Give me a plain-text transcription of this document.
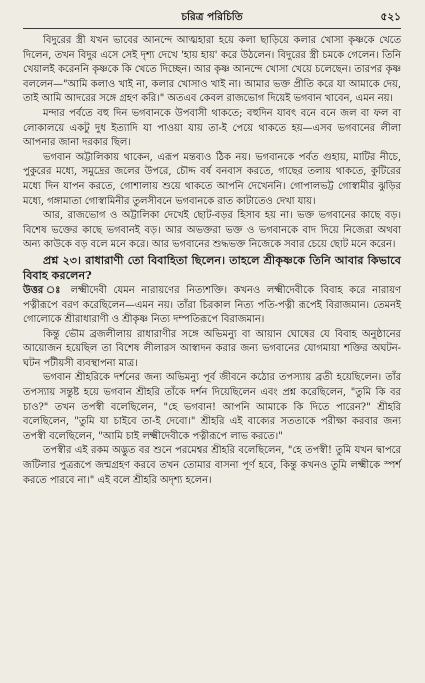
চরিত্র পরিচিতি	৫২১

বিদুরের স্ত্রী যখন ভাবের আনন্দে আত্মহারা হয়ে কলা ছাড়িয়ে কলার খোসা কৃষ্ণকে খেতে দিলেন, তখন বিদুর এসে সেই দৃশ্য দেখে 'হায় হায়' করে উঠলেন। বিদুরের স্ত্রী চমকে গেলেন। তিনি খেয়ালই করেননি কৃষ্ণকে কি খেতে দিচ্ছেন। আর কৃষ্ণ আনন্দে খোসা খেয়ে চলেছেন। তারপর কৃষ্ণ বললেন—"আমি কলাও খাই না, কলার খোসাও খাই না। আমার ভক্ত প্রীতি করে যা আমাকে দেয়, তাই আমি আদরের সঙ্গে গ্রহণ করি।" অতএব কেবল রাজভোগ দিয়েই ভগবান খাবেন, এমন নয়।

মন্দার পর্বতে বহু দিন ভগবানকে উপবাসী থাকতে; বহুদিন যাবৎ বনে বনে জল বা ফল বা লোকালয়ে একটু দুধ ইত্যাদি যা পাওয়া যায় তা-ই পেয়ে থাকতে হয়—এসব ভগবানের লীলা আপনার জানা দরকার ছিল।

ভগবান অট্টালিকায় থাকেন, এরূপ মন্তব্যও ঠিক নয়। ভগবানকে পর্বত গুহায়, মাটির নীচে, পুকুরের মধ্যে, সমুদ্রের জলের উপরে, চৌদ্দ বর্ষ বনবাস করতে, গাছের তলায় থাকতে, কুটিরের মধ্যে দিন যাপন করতে, গোশালায় শুয়ে থাকতে আপনি দেখেননি। গোপালভট্ট গোস্বামীর ঝুড়ির মধ্যে, গঙ্গামাতা গোস্বামিনীর তুলসীবনে ভগবানকে রাত কাটাতেও দেখা যায়।

আর, রাজভোগ ও অট্টালিকা দেখেই ছোট-বড়র হিসাব হয় না। ভক্ত ভগবানের কাছে বড়। বিশেষ ভক্তের কাছে ভগবানই বড়। আর অভক্তরা ভক্ত ও ভগবানকে বাদ দিয়ে নিজেরা অথবা অন্য কাউকে বড় বলে মনে করে। আর ভগবানের শুদ্ধভক্ত নিজেকে সবার চেয়ে ছোট মনে করেন।

প্রশ্ন ২৩। রাধারাণী তো বিবাহিতা ছিলেন। তাহলে শ্রীকৃষ্ণকে তিনি আবার কিভাবে বিবাহ করলেন?

উত্তর ঃ লক্ষ্মীদেবী যেমন নারায়ণের নিত্যশক্তি। কখনও লক্ষ্মীদেবীকে বিবাহ করে নারায়ণ পত্নীরূপে বরণ করেছিলেন—এমন নয়। তাঁরা চিরকাল নিত্য পতি-পত্নী রূপেই বিরাজমান। তেমনই গোলোকে শ্রীরাধারাণী ও শ্রীকৃষ্ণ নিত্য দম্পতিরূপে বিরাজমান।

কিন্তু ভৌম ব্রজলীলায় রাধারাণীর সঙ্গে অভিমন্যু বা আয়ান ঘোষের যে বিবাহ অনুষ্ঠানের আয়োজন হয়েছিল তা বিশেষ লীলারস আস্বাদন করার জন্য ভগবানের যোগমায়া শক্তির অঘটন-ঘটন পটীয়সী ব্যবস্থাপনা মাত্র।

ভগবান শ্রীহরিকে দর্শনের জন্য অভিমন্যু পূর্ব জীবনে কঠোর তপস্যায় ব্রতী হয়েছিলেন। তাঁর তপস্যায় সন্তুষ্ট হয়ে ভগবান শ্রীহরি তাঁকে দর্শন দিয়েছিলেন এবং প্রশ্ন করেছিলেন, "তুমি কি বর চাও?" তখন তপস্বী বলেছিলেন, "হে ভগবান! আপনি আমাকে কি দিতে পারেন?" শ্রীহরি বলেছিলেন, "তুমি যা চাইবে তা-ই দেবো।" শ্রীহরি এই বাক্যের সততাকে পরীক্ষা করবার জন্য তপস্বী বলেছিলেন, "আমি চাই লক্ষ্মীদেবীকে পত্নীরূপে লাভ করতে।"

তপস্বীর এই রকম অদ্ভুত বর শুনে পরমেশ্বর শ্রীহরি বলেছিলেন, "হে তপস্বী! তুমি যখন দ্বাপরে জটিলার পুত্ররূপে জন্মগ্রহণ করবে তখন তোমার বাসনা পূর্ণ হবে, কিন্তু কখনও তুমি লক্ষ্মীকে স্পর্শ করতে পারবে না।" এই বলে শ্রীহরি অদৃশ্য হলেন।
